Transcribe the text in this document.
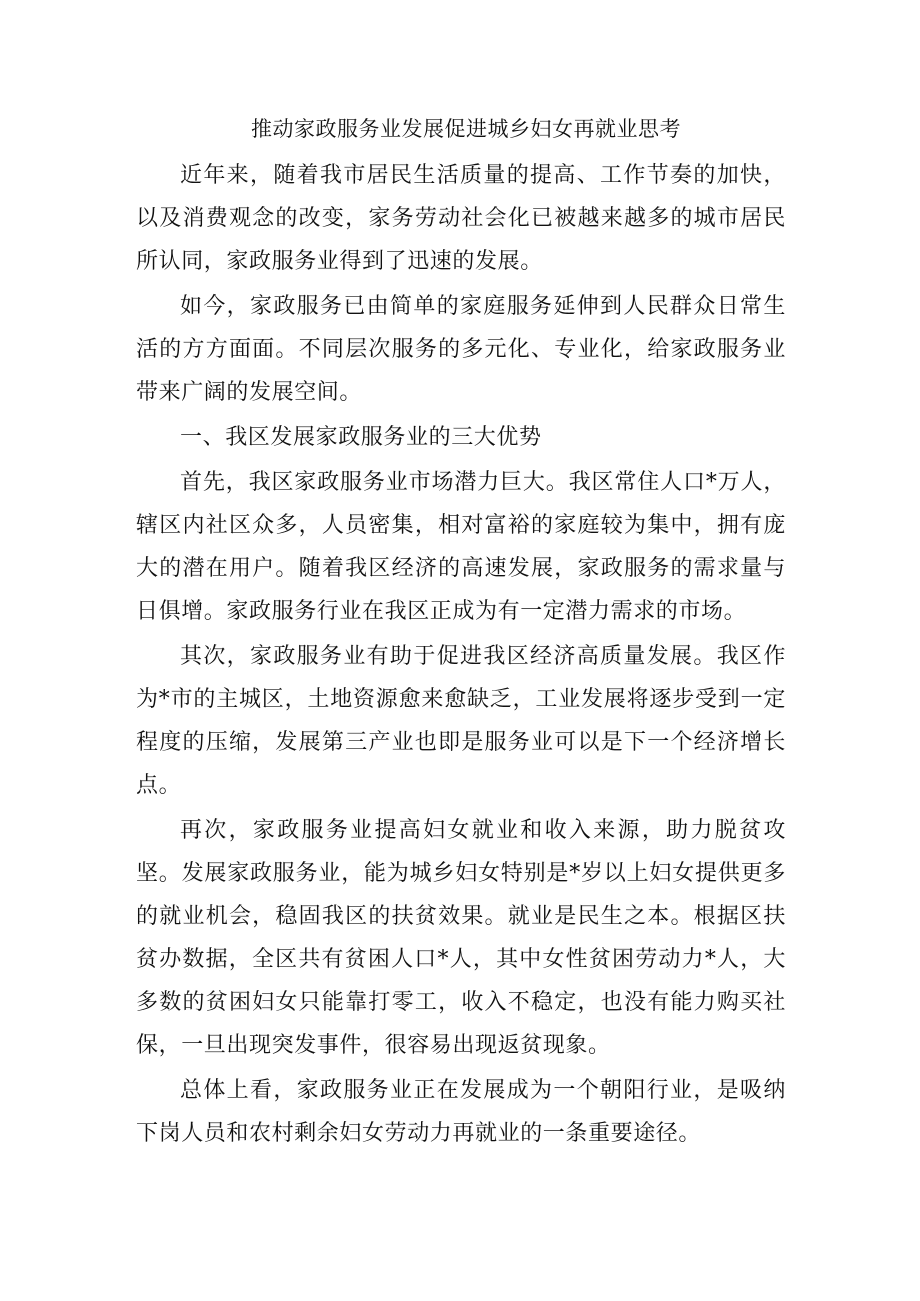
推动家政服务业发展促进城乡妇女再就业思考

近年来，随着我市居民生活质量的提高、工作节奏的加快，以及消费观念的改变，家务劳动社会化已被越来越多的城市居民所认同，家政服务业得到了迅速的发展。

如今，家政服务已由简单的家庭服务延伸到人民群众日常生活的方方面面。不同层次服务的多元化、专业化，给家政服务业带来广阔的发展空间。

一、我区发展家政服务业的三大优势

首先，我区家政服务业市场潜力巨大。我区常住人口*万人，辖区内社区众多，人员密集，相对富裕的家庭较为集中，拥有庞大的潜在用户。随着我区经济的高速发展，家政服务的需求量与日俱增。家政服务行业在我区正成为有一定潜力需求的市场。

其次，家政服务业有助于促进我区经济高质量发展。我区作为*市的主城区，土地资源愈来愈缺乏，工业发展将逐步受到一定程度的压缩，发展第三产业也即是服务业可以是下一个经济增长点。

再次，家政服务业提高妇女就业和收入来源，助力脱贫攻坚。发展家政服务业，能为城乡妇女特别是*岁以上妇女提供更多的就业机会，稳固我区的扶贫效果。就业是民生之本。根据区扶贫办数据，全区共有贫困人口*人，其中女性贫困劳动力*人，大多数的贫困妇女只能靠打零工，收入不稳定，也没有能力购买社保，一旦出现突发事件，很容易出现返贫现象。

总体上看，家政服务业正在发展成为一个朝阳行业，是吸纳下岗人员和农村剩余妇女劳动力再就业的一条重要途径。
